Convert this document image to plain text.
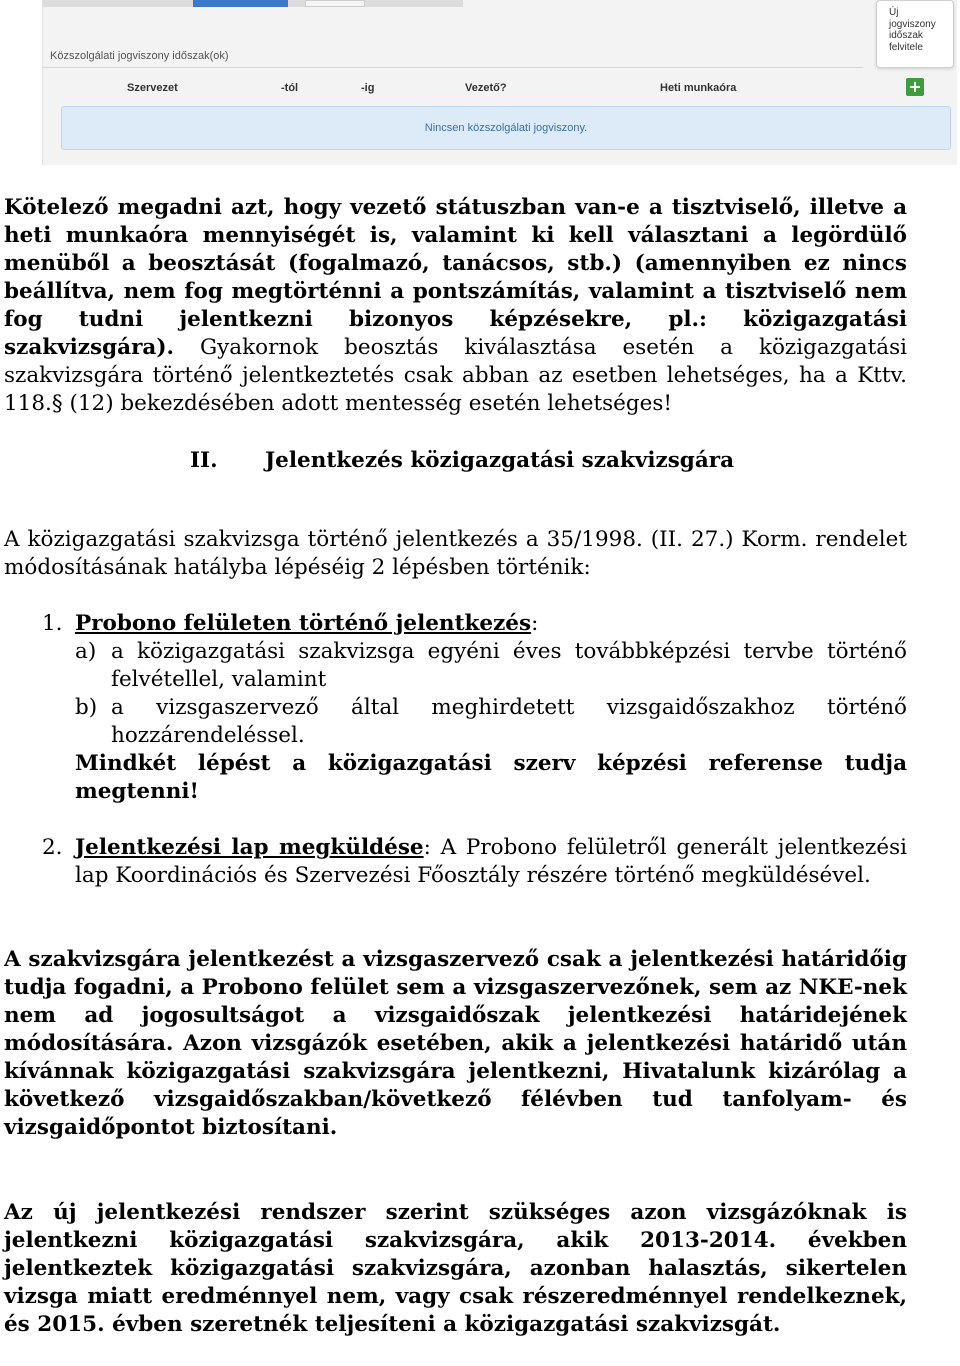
Közszolgálati jogviszony időszak(ok)
Szervezet	-tól	-ig	Vezető?	Heti munkaóra
Nincsen közszolgálati jogviszony.
Új
jogviszony
időszak
felvitele
+

Kötelező megadni azt, hogy vezető státuszban van-e a tisztviselő, illetve a heti munkaóra mennyiségét is, valamint ki kell választani a legördülő menüből a beosztását (fogalmazó, tanácsos, stb.) (amennyiben ez nincs beállítva, nem fog megtörténni a pontszámítás, valamint a tisztviselő nem fog tudni jelentkezni bizonyos képzésekre, pl.: közigazgatási szakvizsgára). Gyakornok beosztás kiválasztása esetén a közigazgatási szakvizsgára történő jelentkeztetés csak abban az esetben lehetséges, ha a Kttv. 118.§ (12) bekezdésében adott mentesség esetén lehetséges!

II. Jelentkezés közigazgatási szakvizsgára

A közigazgatási szakvizsga történő jelentkezés a 35/1998. (II. 27.) Korm. rendelet módosításának hatályba lépéséig 2 lépésben történik:

1. Probono felületen történő jelentkezés:
a) a közigazgatási szakvizsga egyéni éves továbbképzési tervbe történő felvétellel, valamint

b) a vizsgaszervező által meghirdetett vizsgaidőszakhoz történő hozzárendeléssel.

Mindkét lépést a közigazgatási szerv képzési referense tudja megtenni!

2. Jelentkezési lap megküldése: A Probono felületről generált jelentkezési lap Koordinációs és Szervezési Főosztály részére történő megküldésével.

A szakvizsgára jelentkezést a vizsgaszervező csak a jelentkezési határidőig tudja fogadni, a Probono felület sem a vizsgaszervezőnek, sem az NKE-nek nem ad jogosultságot a vizsgaidőszak jelentkezési határidejének módosítására. Azon vizsgázók esetében, akik a jelentkezési határidő után kívánnak közigazgatási szakvizsgára jelentkezni, Hivatalunk kizárólag a következő vizsgaidőszakban/következő félévben tud tanfolyam- és vizsgaidőpontot biztosítani.

Az új jelentkezési rendszer szerint szükséges azon vizsgázóknak is jelentkezni közigazgatási szakvizsgára, akik 2013-2014. években jelentkeztek közigazgatási szakvizsgára, azonban halasztás, sikertelen vizsga miatt eredménnyel nem, vagy csak részeredménnyel rendelkeznek, és 2015. évben szeretnék teljesíteni a közigazgatási szakvizsgát.
